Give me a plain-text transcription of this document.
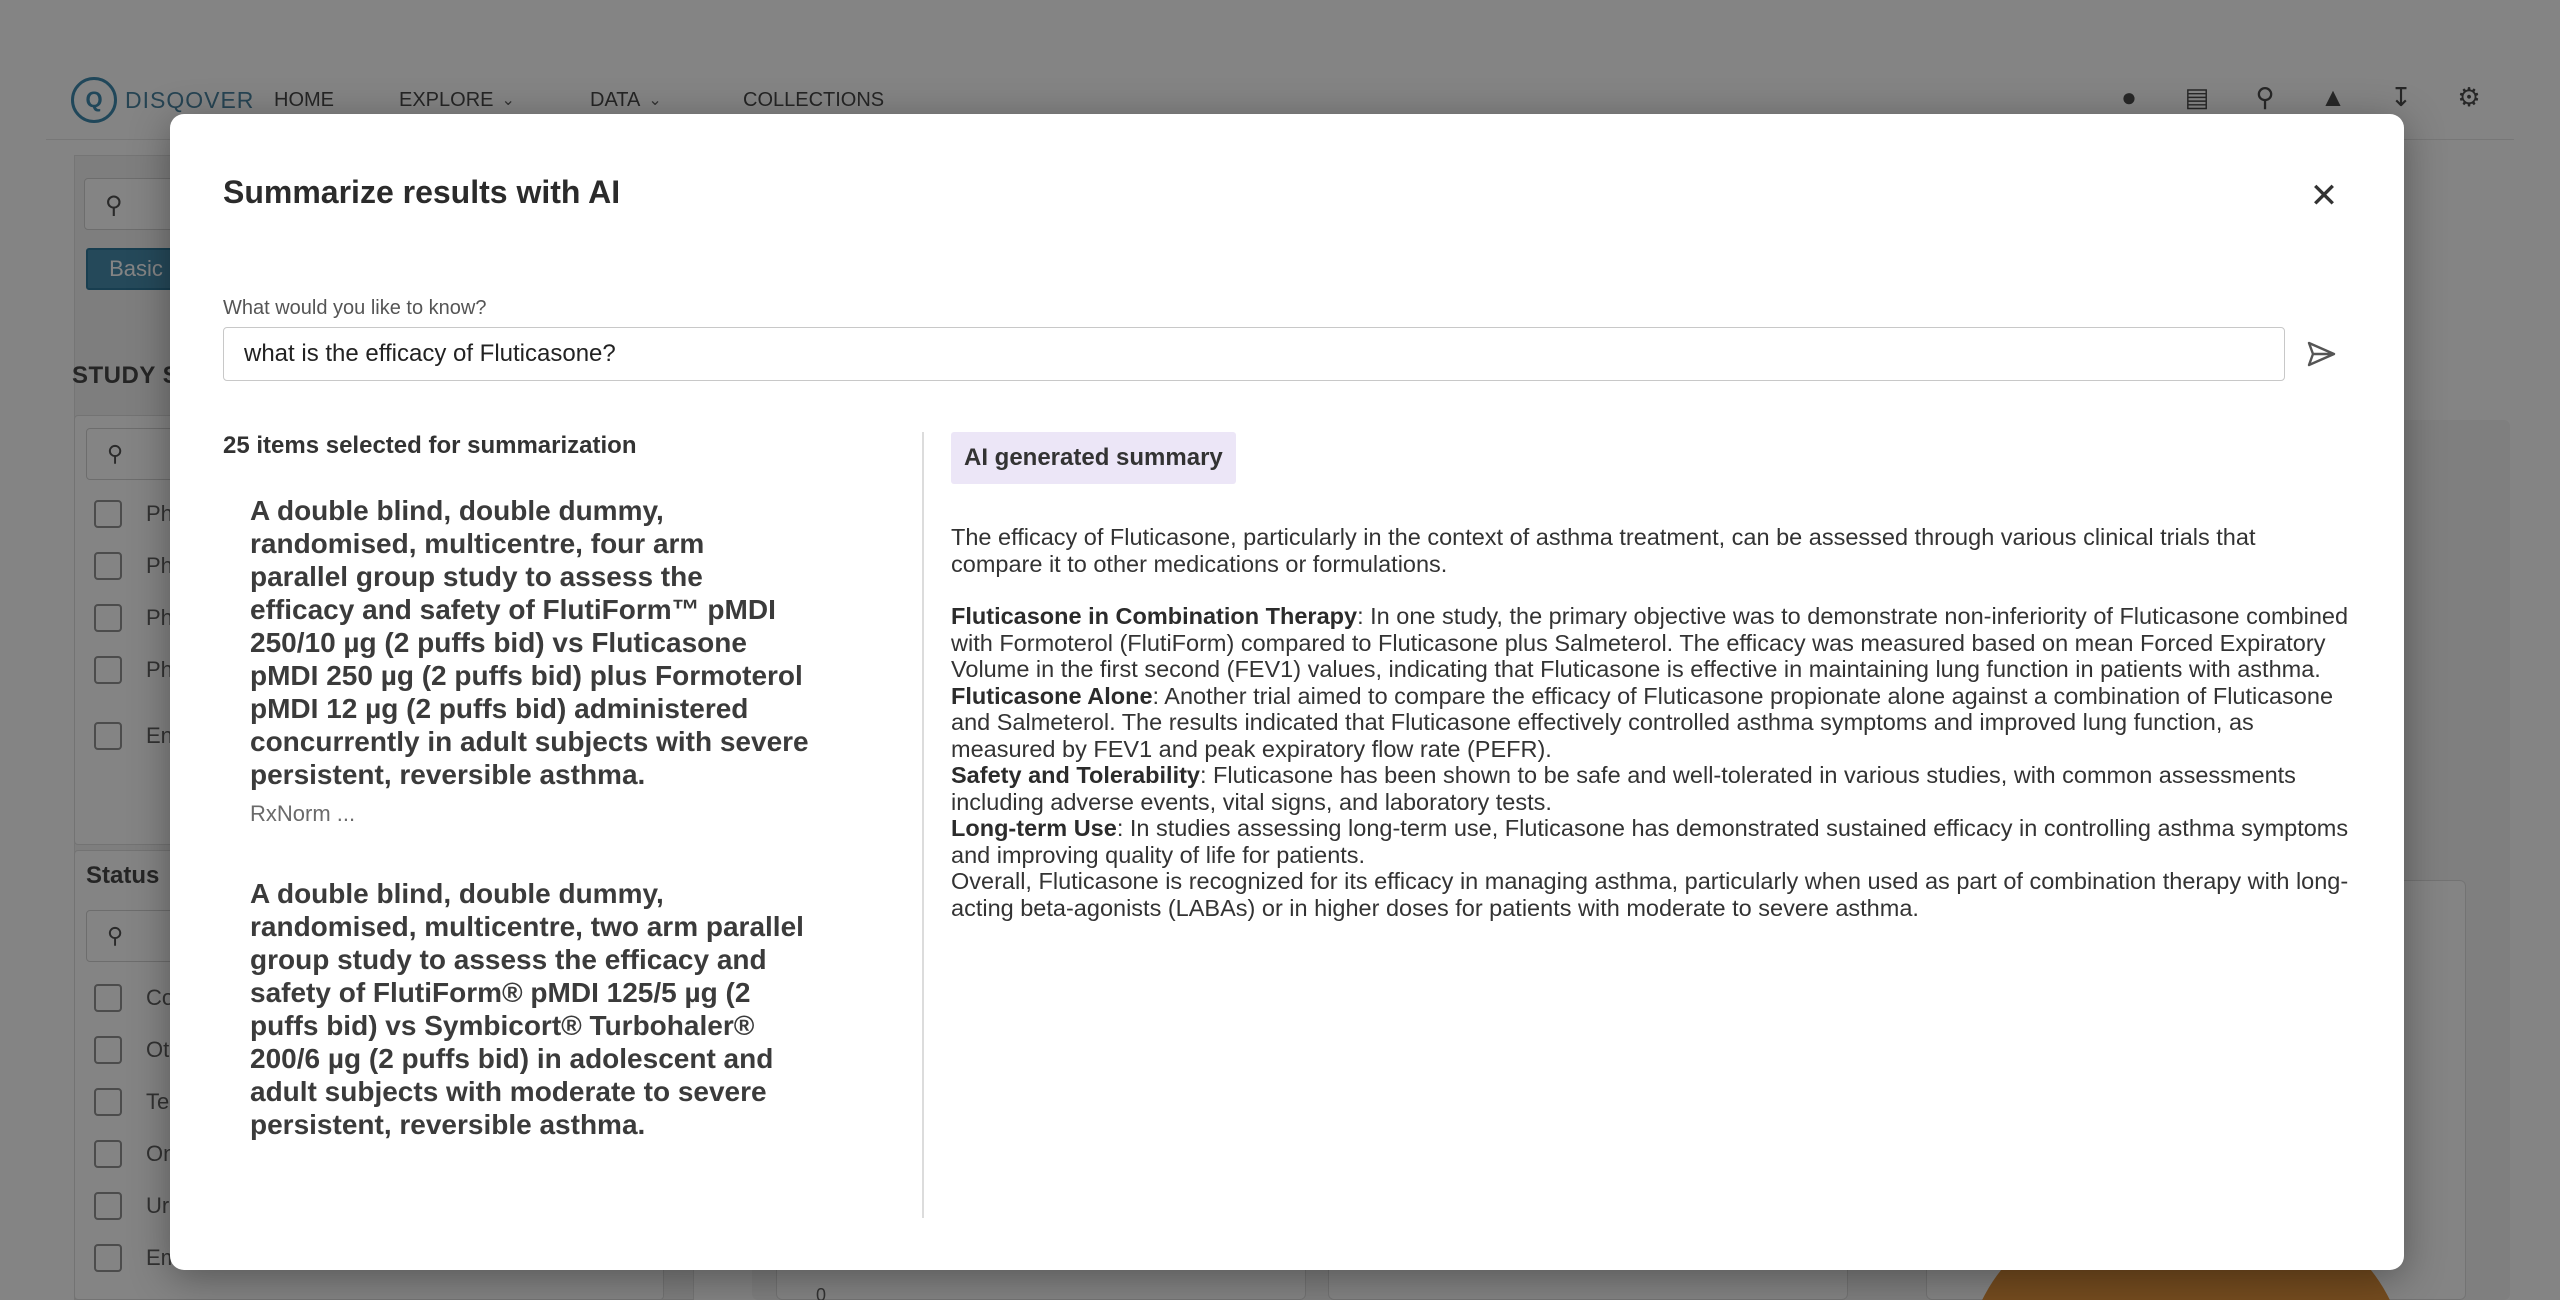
Summarize results with AI	✕
What would you like to know?
what is the efficacy of Fluticasone?
25 items selected for summarization
A double blind, double dummy, randomised, multicentre, four arm parallel group study to assess the efficacy and safety of FlutiForm™ pMDI 250/10 µg (2 puffs bid) vs Fluticasone pMDI 250 µg (2 puffs bid) plus Formoterol pMDI 12 µg (2 puffs bid) administered concurrently in adult subjects with severe persistent, reversible asthma.
RxNorm ...
A double blind, double dummy, randomised, multicentre, two arm parallel group study to assess the efficacy and safety of FlutiForm® pMDI 125/5 µg (2 puffs bid) vs Symbicort® Turbohaler® 200/6 µg (2 puffs bid) in adolescent and adult subjects with moderate to severe persistent, reversible asthma.
AI generated summary

The efficacy of Fluticasone, particularly in the context of asthma treatment, can be assessed through various clinical trials that compare it to other medications or formulations.

Fluticasone in Combination Therapy: In one study, the primary objective was to demonstrate non-inferiority of Fluticasone combined with Formoterol (FlutiForm) compared to Fluticasone plus Salmeterol. The efficacy was measured based on mean Forced Expiratory Volume in the first second (FEV1) values, indicating that Fluticasone is effective in maintaining lung function in patients with asthma.

Fluticasone Alone: Another trial aimed to compare the efficacy of Fluticasone propionate alone against a combination of Fluticasone and Salmeterol. The results indicated that Fluticasone effectively controlled asthma symptoms and improved lung function, as measured by FEV1 and peak expiratory flow rate (PEFR).

Safety and Tolerability: Fluticasone has been shown to be safe and well-tolerated in various studies, with common assessments including adverse events, vital signs, and laboratory tests.

Long-term Use: In studies assessing long-term use, Fluticasone has demonstrated sustained efficacy in controlling asthma symptoms and improving quality of life for patients.

Overall, Fluticasone is recognized for its efficacy in managing asthma, particularly when used as part of combination therapy with long-acting beta-agonists (LABAs) or in higher doses for patients with moderate to severe asthma.
